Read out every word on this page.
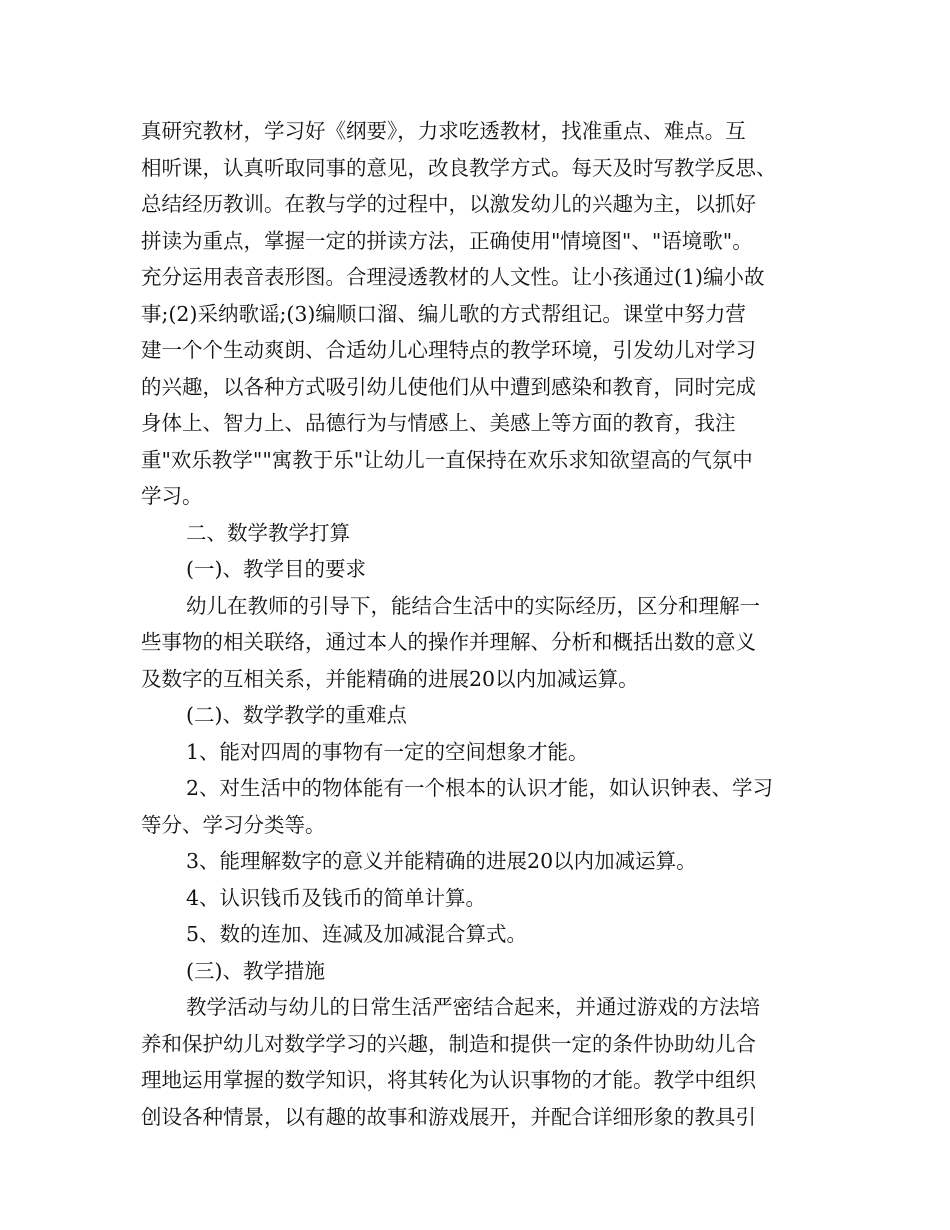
真研究教材，学习好《纲要》，力求吃透教材，找准重点、难点。互
相听课，认真听取同事的意见，改良教学方式。每天及时写教学反思、
总结经历教训。在教与学的过程中，以激发幼儿的兴趣为主，以抓好
拼读为重点，掌握一定的拼读方法，正确使用"情境图"、"语境歌"。
充分运用表音表形图。合理浸透教材的人文性。让小孩通过(1)编小故
事;(2)采纳歌谣;(3)编顺口溜、编儿歌的方式帮组记。课堂中努力营
建一个个生动爽朗、合适幼儿心理特点的教学环境，引发幼儿对学习
的兴趣，以各种方式吸引幼儿使他们从中遭到感染和教育，同时完成
身体上、智力上、品德行为与情感上、美感上等方面的教育，我注
重"欢乐教学""寓教于乐"让幼儿一直保持在欢乐求知欲望高的气氛中
学习。
二、数学教学打算
(一)、教学目的要求
幼儿在教师的引导下，能结合生活中的实际经历，区分和理解一
些事物的相关联络，通过本人的操作并理解、分析和概括出数的意义
及数字的互相关系，并能精确的进展20以内加减运算。
(二)、数学教学的重难点
1、能对四周的事物有一定的空间想象才能。
2、对生活中的物体能有一个根本的认识才能，如认识钟表、学习
等分、学习分类等。
3、能理解数字的意义并能精确的进展20以内加减运算。
4、认识钱币及钱币的简单计算。
5、数的连加、连减及加减混合算式。
(三)、教学措施
教学活动与幼儿的日常生活严密结合起来，并通过游戏的方法培
养和保护幼儿对数学学习的兴趣，制造和提供一定的条件协助幼儿合
理地运用掌握的数学知识，将其转化为认识事物的才能。教学中组织
创设各种情景，以有趣的故事和游戏展开，并配合详细形象的教具引
